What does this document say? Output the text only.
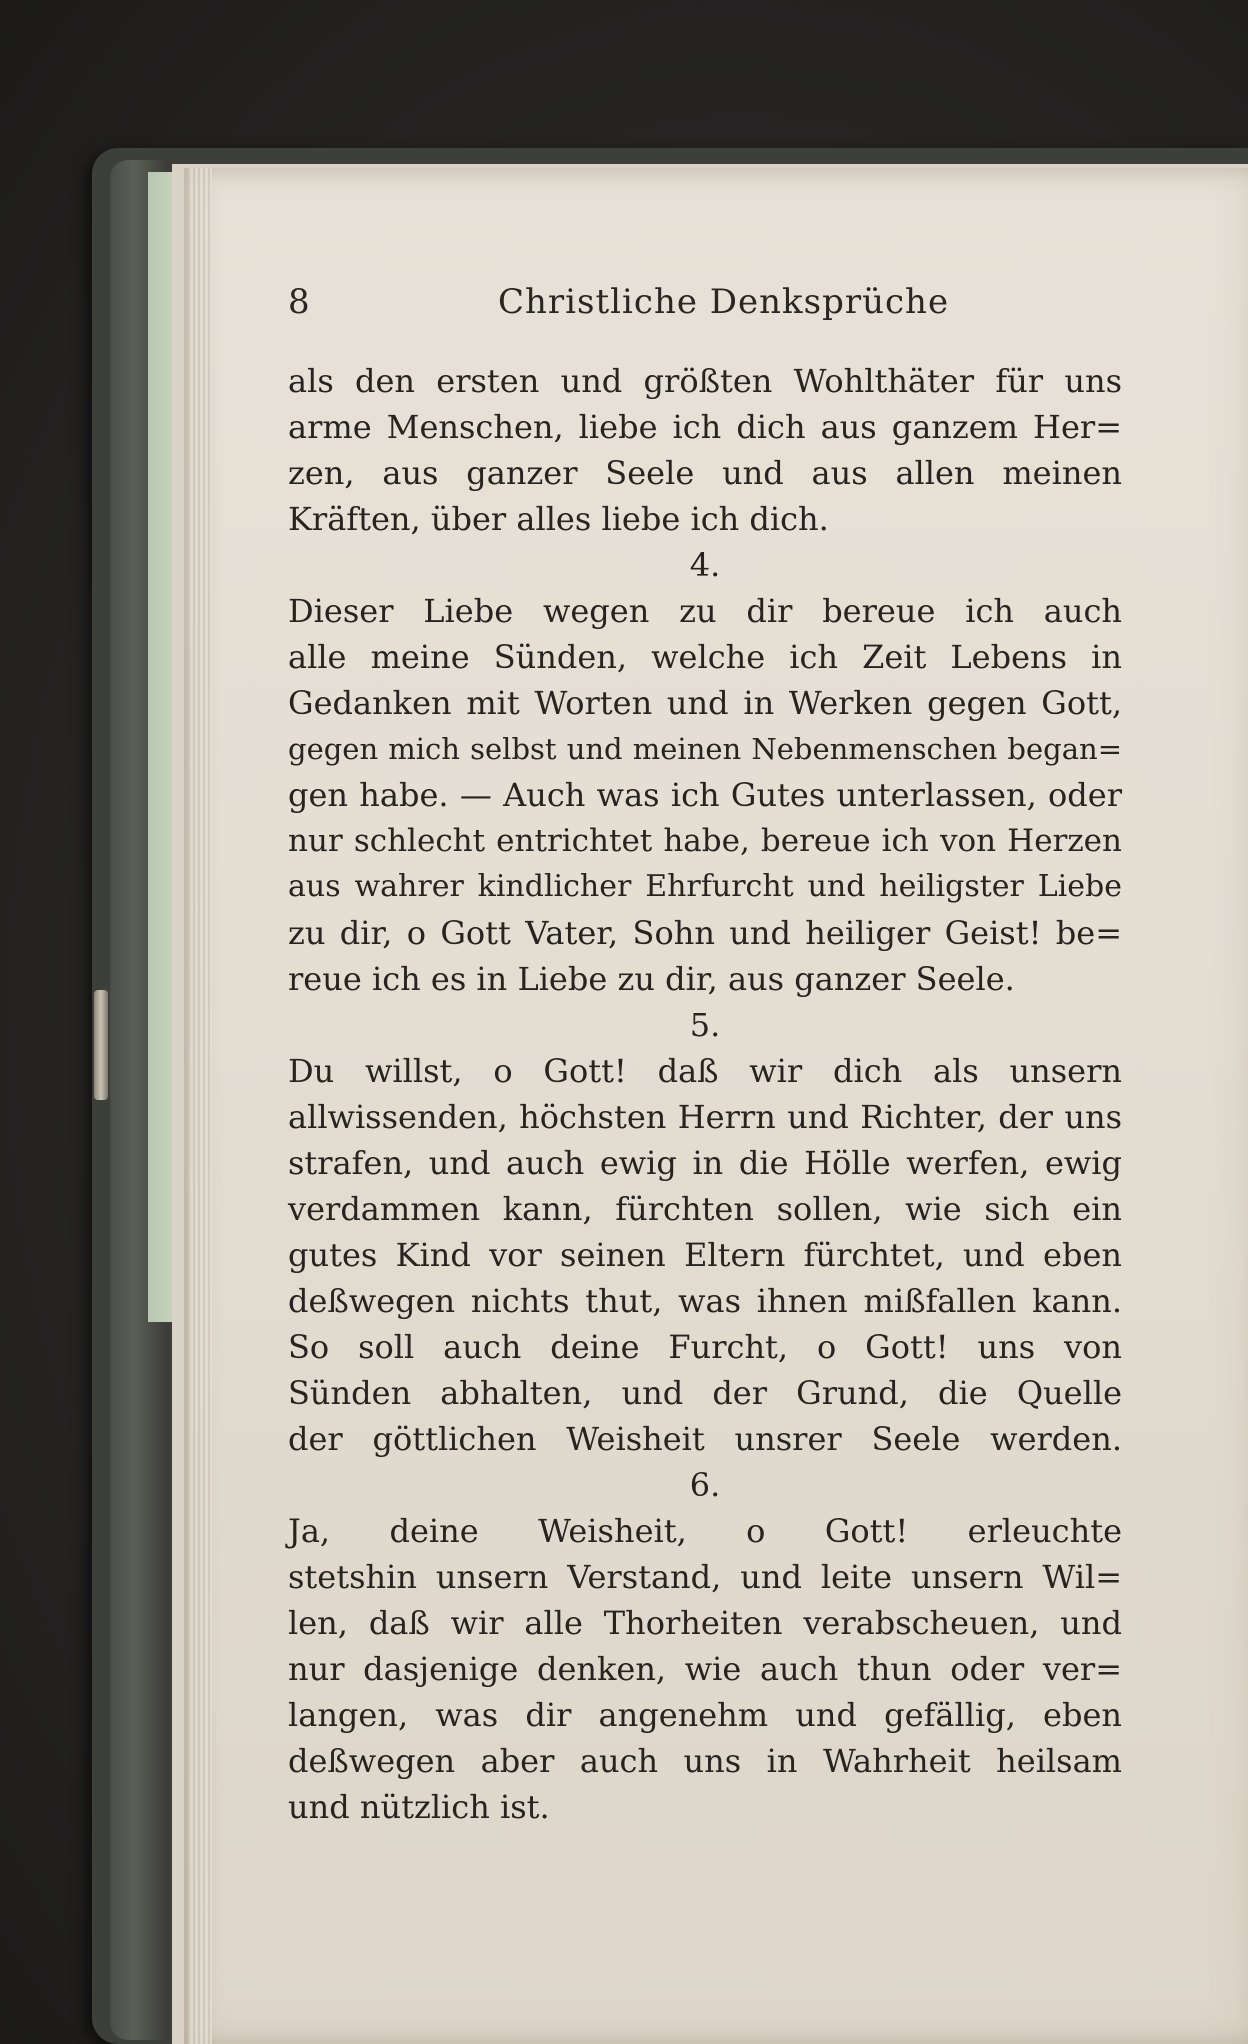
8	Christliche Denksprüche
als den ersten und größten Wohlthäter für uns
arme Menschen, liebe ich dich aus ganzem Her=
zen, aus ganzer Seele und aus allen meinen
Kräften, über alles liebe ich dich.
4.
Dieser Liebe wegen zu dir bereue ich auch
alle meine Sünden, welche ich Zeit Lebens in
Gedanken mit Worten und in Werken gegen Gott,
gegen mich selbst und meinen Nebenmenschen began=
gen habe. — Auch was ich Gutes unterlassen, oder
nur schlecht entrichtet habe, bereue ich von Herzen
aus wahrer kindlicher Ehrfurcht und heiligster Liebe
zu dir, o Gott Vater, Sohn und heiliger Geist! be=
reue ich es in Liebe zu dir, aus ganzer Seele.
5.
Du willst, o Gott! daß wir dich als unsern
allwissenden, höchsten Herrn und Richter, der uns
strafen, und auch ewig in die Hölle werfen, ewig
verdammen kann, fürchten sollen, wie sich ein
gutes Kind vor seinen Eltern fürchtet, und eben
deßwegen nichts thut, was ihnen mißfallen kann.
So soll auch deine Furcht, o Gott! uns von
Sünden abhalten, und der Grund, die Quelle
der göttlichen Weisheit unsrer Seele werden.
6.
Ja, deine Weisheit, o Gott! erleuchte
stetshin unsern Verstand, und leite unsern Wil=
len, daß wir alle Thorheiten verabscheuen, und
nur dasjenige denken, wie auch thun oder ver=
langen, was dir angenehm und gefällig, eben
deßwegen aber auch uns in Wahrheit heilsam
und nützlich ist.
